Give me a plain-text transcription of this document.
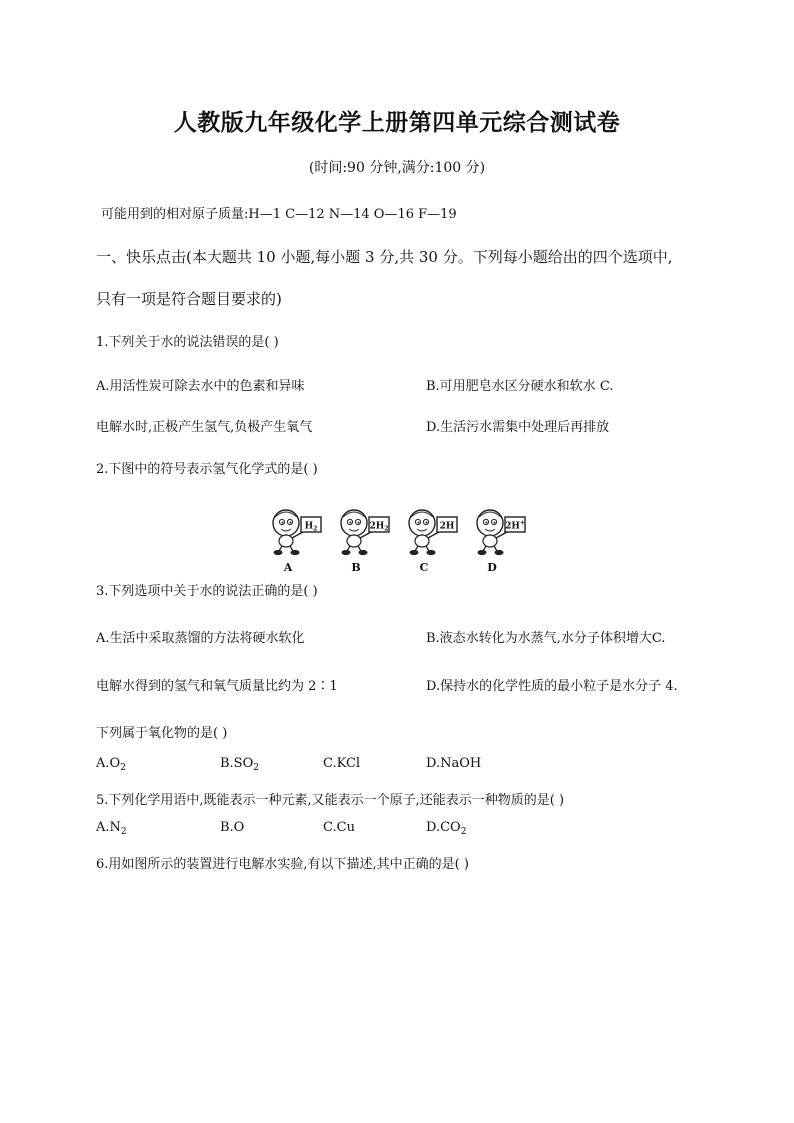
人教版九年级化学上册第四单元综合测试卷
(时间:90 分钟,满分:100 分)
可能用到的相对原子质量:H—1 C—12 N—14 O—16 F—19
一、快乐点击(本大题共 10 小题,每小题 3 分,共 30 分。下列每小题给出的四个选项中,
只有一项是符合题目要求的)
1.下列关于水的说法错误的是( )
A.用活性炭可除去水中的色素和异味	B.可用肥皂水区分硬水和软水 C.
电解水时,正极产生氢气,负极产生氧气	D.生活污水需集中处理后再排放
2.下图中的符号表示氢气化学式的是( )
$H_2$
A
$2H_2$
B
2H
C
2H+
D
3.下列选项中关于水的说法正确的是( )
A.生活中采取蒸馏的方法将硬水软化	B.液态水转化为水蒸气,水分子体积增大C.
电解水得到的氢气和氧气质量比约为 2∶1	D.保持水的化学性质的最小粒子是水分子 4.
下列属于氧化物的是( )
$A.O_2$	$B.SO_2$	C.KCl	D.NaOH
5.下列化学用语中,既能表示一种元素,又能表示一个原子,还能表示一种物质的是( )
$A.N_2$	B.O	C.Cu	$D.CO_2$
6.用如图所示的装置进行电解水实验,有以下描述,其中正确的是( )
